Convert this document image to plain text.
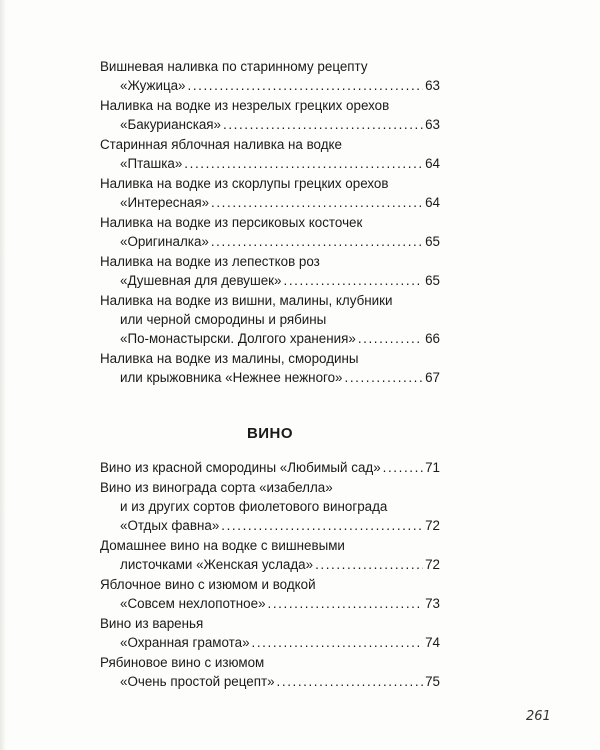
Вишневая наливка по старинному рецепту
«Жужица» .....	63
Наливка на водке из незрелых грецких орехов
«Бакурианская» .....	63
Старинная яблочная наливка на водке
«Пташка» .....	64
Наливка на водке из скорлупы грецких орехов
«Интересная» .....	64
Наливка на водке из персиковых косточек
«Оригиналка» .....	65
Наливка на водке из лепестков роз
«Душевная для девушек» .....	65
Наливка на водке из вишни, малины, клубники
или черной смородины и рябины
«По-монастырски. Долгого хранения» .....	66
Наливка на водке из малины, смородины
или крыжовника «Нежнее нежного» .....	67
ВИНО
Вино из красной смородины «Любимый сад» .....	71
Вино из винограда сорта «изабелла»
и из других сортов фиолетового винограда
«Отдых фавна» .....	72
Домашнее вино на водке с вишневыми
листочками «Женская услада» .....	72
Яблочное вино с изюмом и водкой
«Совсем нехлопотное» .....	73
Вино из варенья
«Охранная грамота» .....	74
Рябиновое вино с изюмом
«Очень простой рецепт» .....	75
261
